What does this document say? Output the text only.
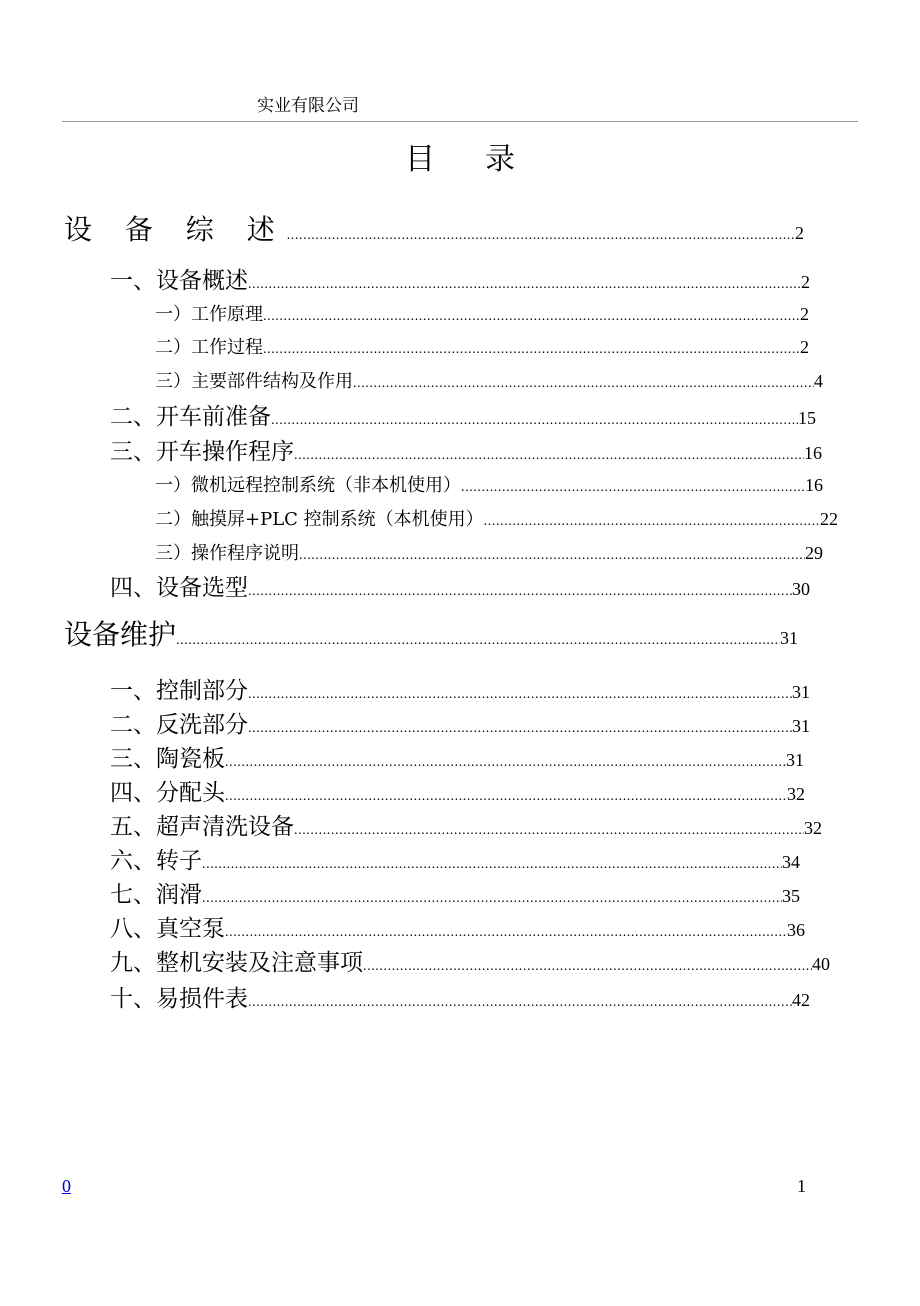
实业有限公司
目录
设 备 综 述 .....	2
一、设备概述 .....	2
一）工作原理 .....	2
二）工作过程 .....	2
三）主要部件结构及作用 .....	4
二、开车前准备 .....	15
三、开车操作程序 .....	16
一）微机远程控制系统（非本机使用） .....	16
二）触摸屏+PLC 控制系统（本机使用） .....	22
三）操作程序说明 .....	29
四、设备选型 .....	30
设备维护 .....	31
一、控制部分 .....	31
二、反洗部分 .....	31
三、陶瓷板 .....	31
四、分配头 .....	32
五、超声清洗设备 .....	32
六、转子 .....	34
七、润滑 .....	35
八、真空泵 .....	36
九、整机安装及注意事项 .....	40
十、易损件表 .....	42
0	1
